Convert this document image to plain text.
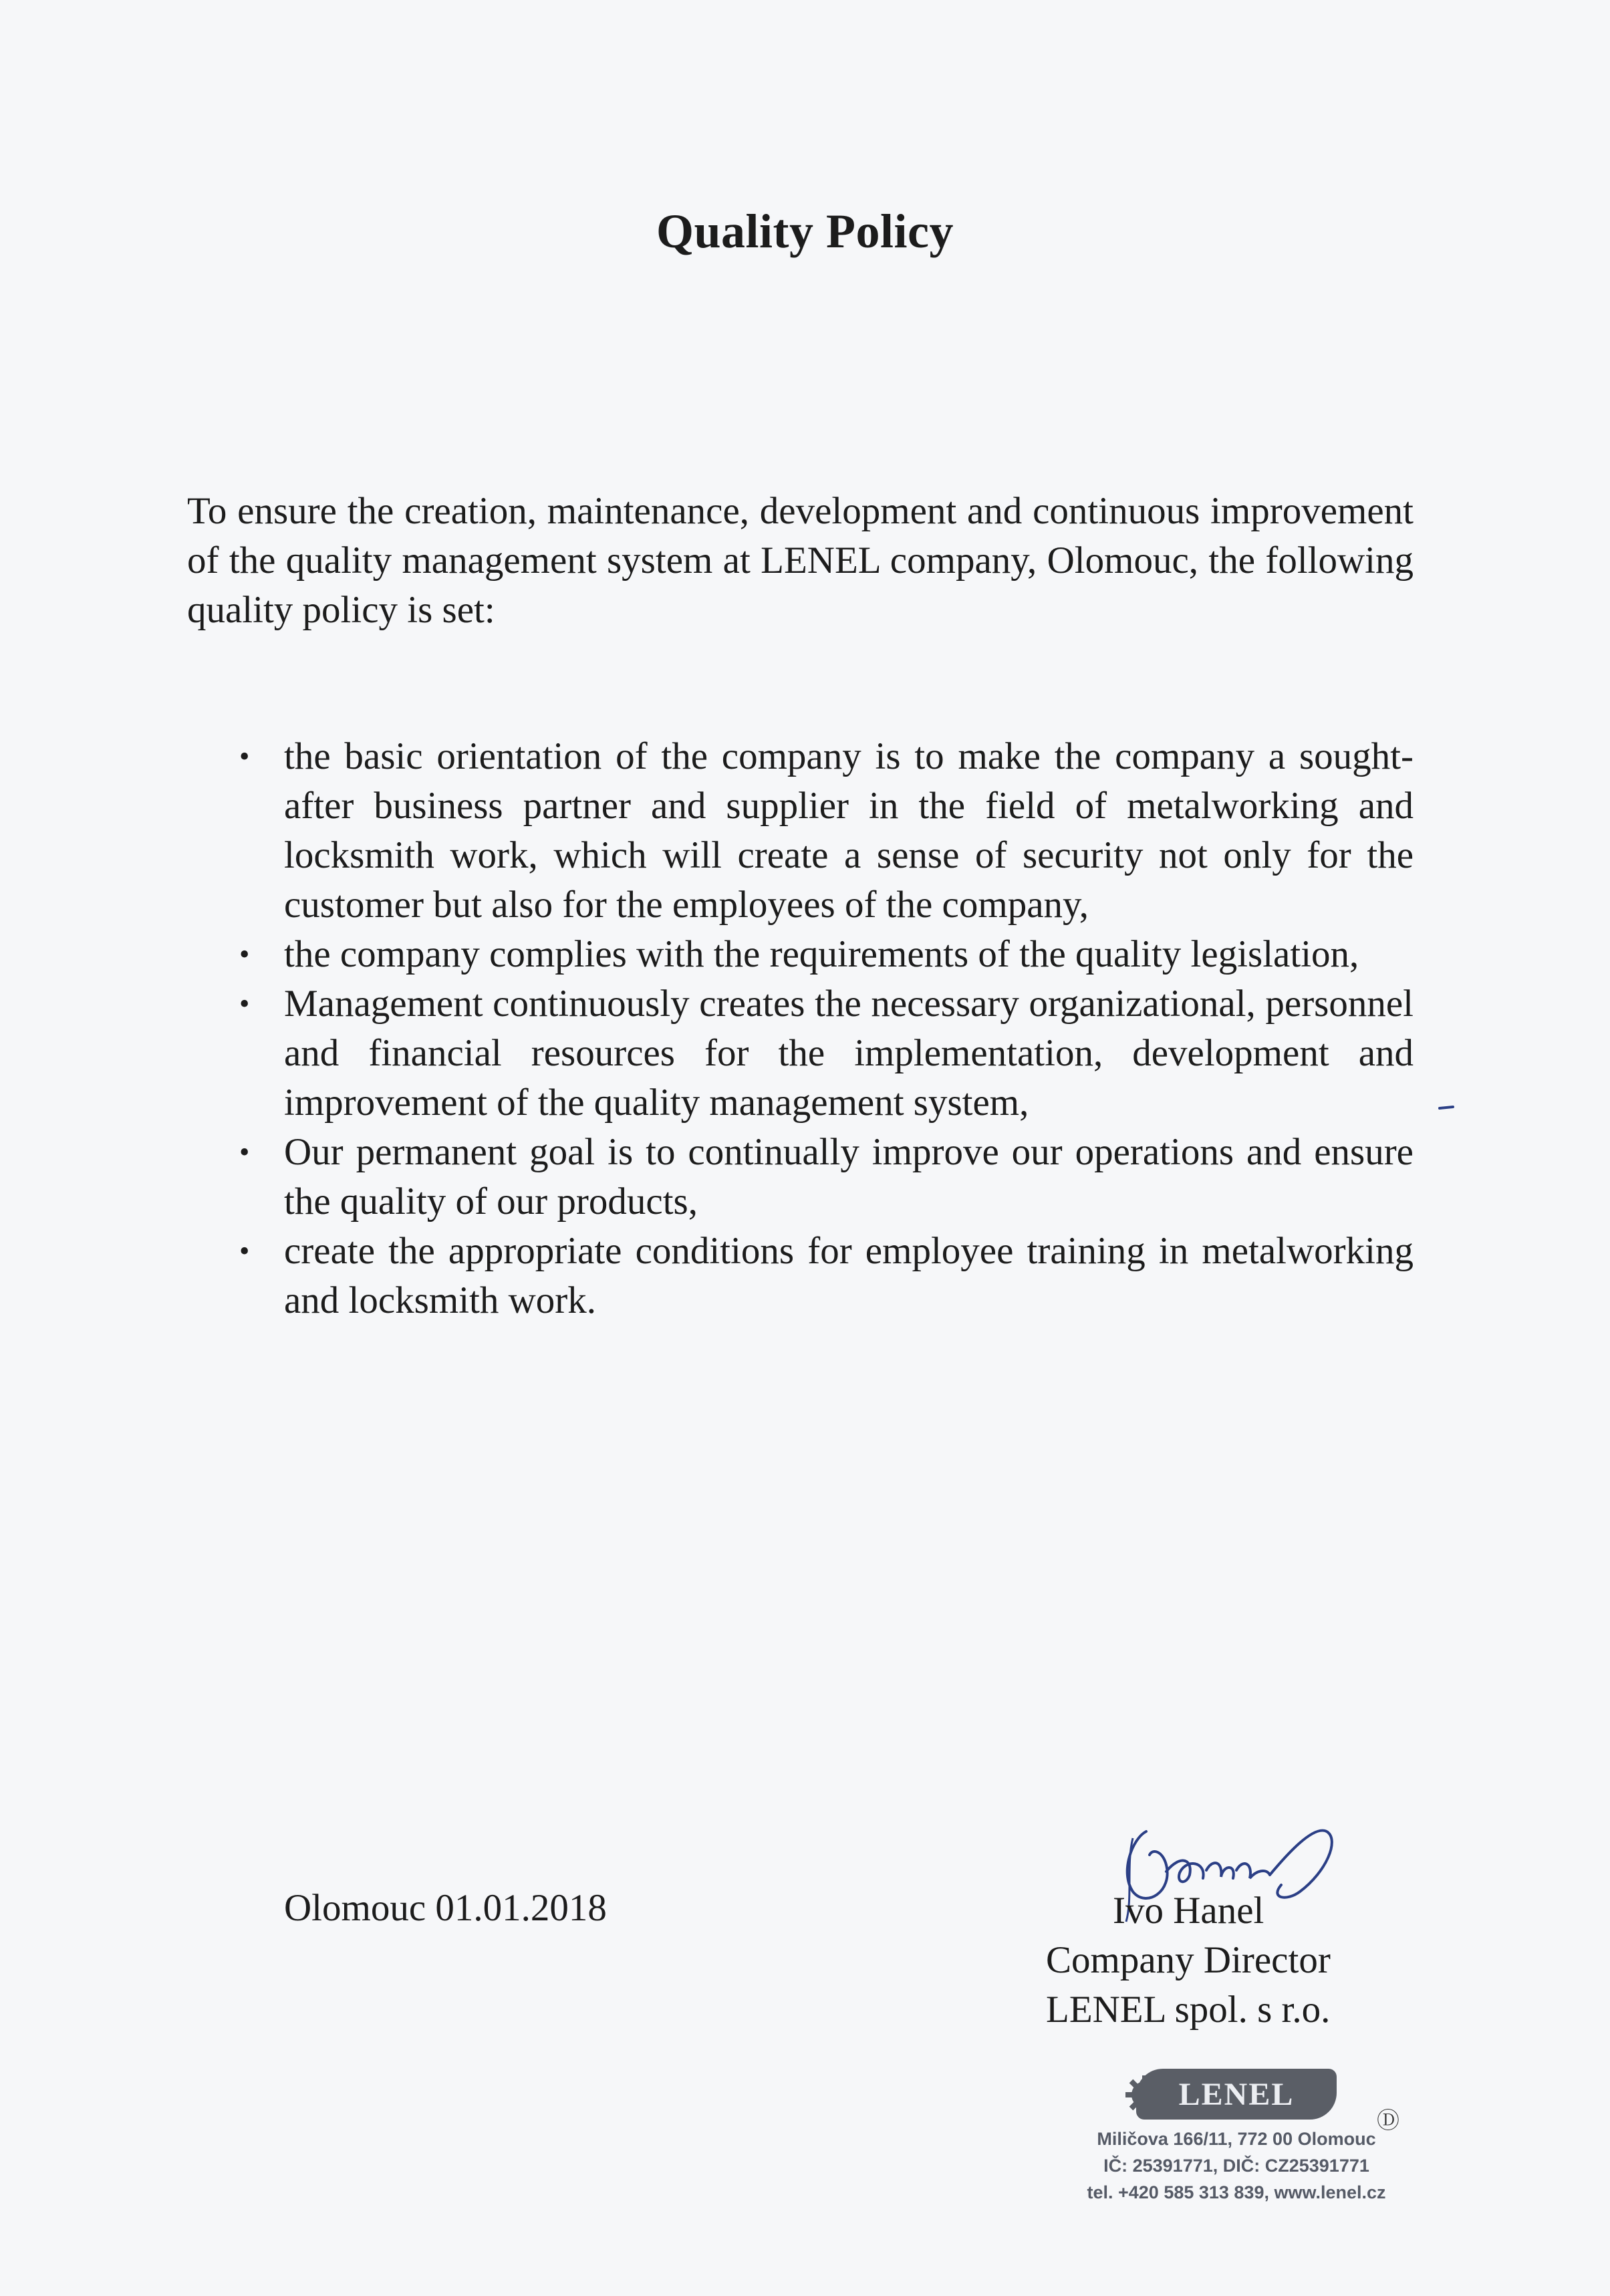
Quality Policy
To ensure the creation, maintenance, development and continuous improvement of the quality management system at LENEL company, Olomouc, the following quality policy is set:
• the basic orientation of the company is to make the company a sought-after business partner and supplier in the field of metalworking and locksmith work, which will create a sense of security not only for the customer but also for the employees of the company,
• the company complies with the requirements of the quality legislation,
• Management continuously creates the necessary organizational, personnel and financial resources for the implementation, development and improvement of the quality management system,
• Our permanent goal is to continually improve our operations and ensure the quality of our products,
• create the appropriate conditions for employee training in metalworking and locksmith work.
Olomouc 01.01.2018	Ivo Hanel
Company Director
LENEL spol. s r.o.
LENEL
Ⓓ
Miličova 166/11, 772 00 Olomouc
IČ: 25391771, DIČ: CZ25391771
tel. +420 585 313 839, www.lenel.cz
